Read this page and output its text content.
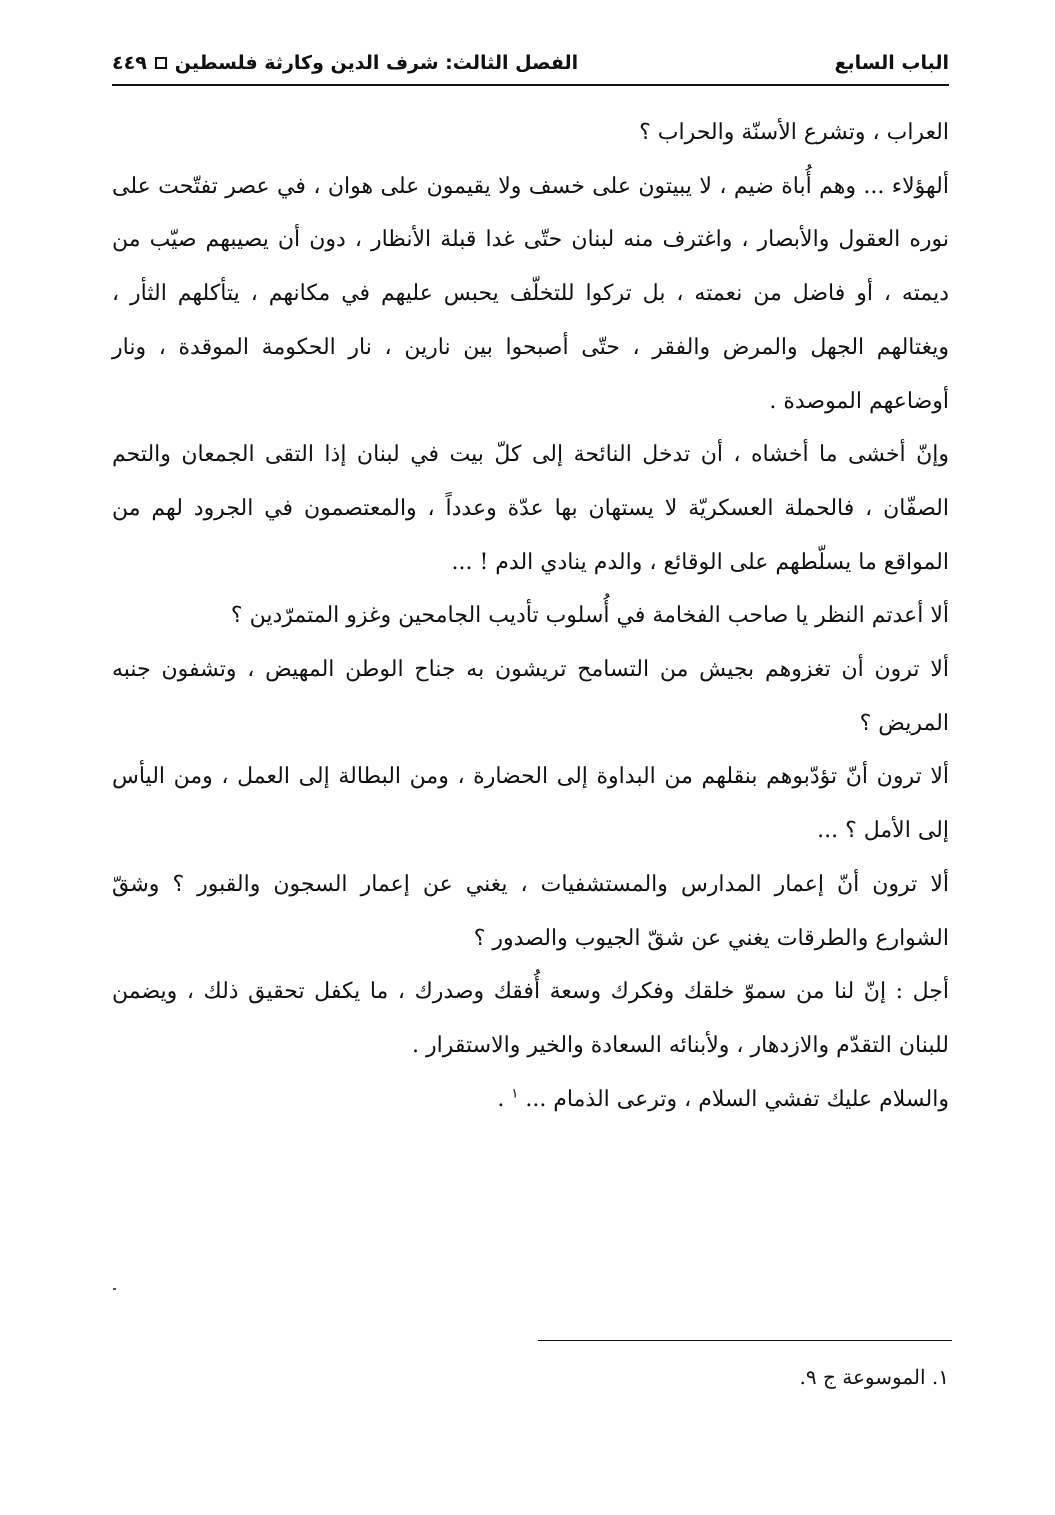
الباب السابع
الفصل الثالث: شرف الدين وكارثة فلسطين
٤٤٩

العراب ، وتشرع الأسنّة والحراب ؟

ألهؤلاء ... وهم أُباة ضيم ، لا يبيتون على خسف ولا يقيمون على هوان ، في عصر تفتّحت على نوره العقول والأبصار ، واغترف منه لبنان حتّى غدا قبلة الأنظار ، دون أن يصيبهم صيّب من ديمته ، أو فاضل من نعمته ، بل تركوا للتخلّف يحبس عليهم في مكانهم ، يتأكلهم الثأر ، ويغتالهم الجهل والمرض والفقر ، حتّى أصبحوا بين نارين ، نار الحكومة الموقدة ، ونار أوضاعهم الموصدة .

وإنّ أخشى ما أخشاه ، أن تدخل النائحة إلى كلّ بيت في لبنان إذا التقى الجمعان والتحم الصفّان ، فالحملة العسكريّة لا يستهان بها عدّة وعدداً ، والمعتصمون في الجرود لهم من المواقع ما يسلّطهم على الوقائع ، والدم ينادي الدم ! ...

ألا أعدتم النظر يا صاحب الفخامة في أُسلوب تأديب الجامحين وغزو المتمرّدين ؟

ألا ترون أن تغزوهم بجيش من التسامح تريشون به جناح الوطن المهيض ، وتشفون جنبه المريض ؟

ألا ترون أنّ تؤدّبوهم بنقلهم من البداوة إلى الحضارة ، ومن البطالة إلى العمل ، ومن اليأس إلى الأمل ؟ ...

ألا ترون أنّ إعمار المدارس والمستشفيات ، يغني عن إعمار السجون والقبور ؟ وشقّ الشوارع والطرقات يغني عن شقّ الجيوب والصدور ؟

أجل : إنّ لنا من سموّ خلقك وفكرك وسعة أُفقك وصدرك ، ما يكفل تحقيق ذلك ، ويضمن للبنان التقدّم والازدهار ، ولأبنائه السعادة والخير والاستقرار .

والسلام عليك تفشي السلام ، وترعى الذمام ... $^١$ .

١. الموسوعة ج ٩.
